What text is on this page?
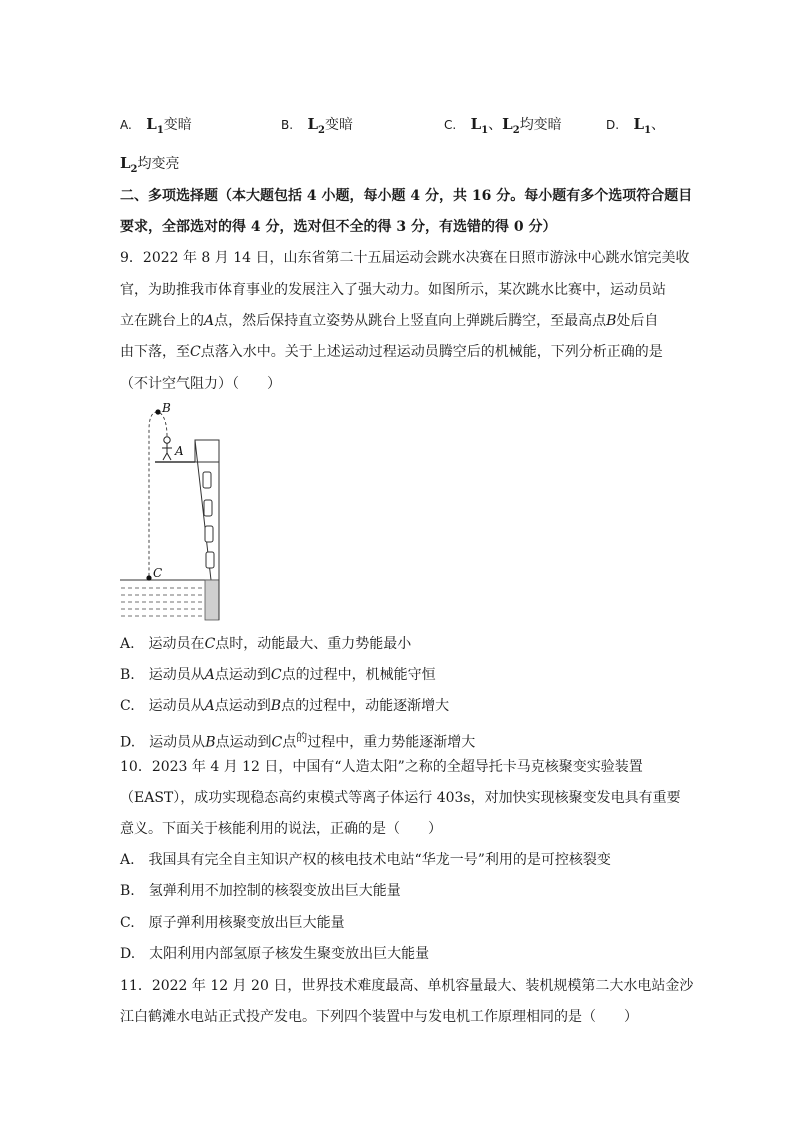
A. $L_1$变暗	B. $L_2$变暗	C. $L_1$、$L_2$均变暗	D. $L_1$、
$L_2$均变亮
二、多项选择题（本大题包括 4 小题，每小题 4 分，共 16 分。每小题有多个选项符合题目
要求，全部选对的得 4 分，选对但不全的得 3 分，有选错的得 0 分）
9．2022 年 8 月 14 日，山东省第二十五届运动会跳水决赛在日照市游泳中心跳水馆完美收
官，为助推我市体育事业的发展注入了强大动力。如图所示，某次跳水比赛中，运动员站
立在跳台上的A点，然后保持直立姿势从跳台上竖直向上弹跳后腾空，至最高点B处后自
由下落，至C点落入水中。关于上述运动过程运动员腾空后的机械能，下列分析正确的是
（不计空气阻力）（　　）
B
A
C
A.　运动员在C点时，动能最大、重力势能最小
B.　运动员从A点运动到C点的过程中，机械能守恒
C.　运动员从A点运动到B点的过程中，动能逐渐增大
D.　运动员从B点运动到C点$^的$过程中，重力势能逐渐增大
10．2023 年 4 月 12 日，中国有“人造太阳”之称的全超导托卡马克核聚变实验装置
（EAST），成功实现稳态高约束模式等离子体运行 403s，对加快实现核聚变发电具有重要
意义。下面关于核能利用的说法，正确的是（　　）
A.　我国具有完全自主知识产权的核电技术电站“华龙一号”利用的是可控核裂变
B.　氢弹利用不加控制的核裂变放出巨大能量
C.　原子弹利用核聚变放出巨大能量
D.　太阳利用内部氢原子核发生聚变放出巨大能量
11．2022 年 12 月 20 日，世界技术难度最高、单机容量最大、装机规模第二大水电站金沙
江白鹤滩水电站正式投产发电。下列四个装置中与发电机工作原理相同的是（　　）
